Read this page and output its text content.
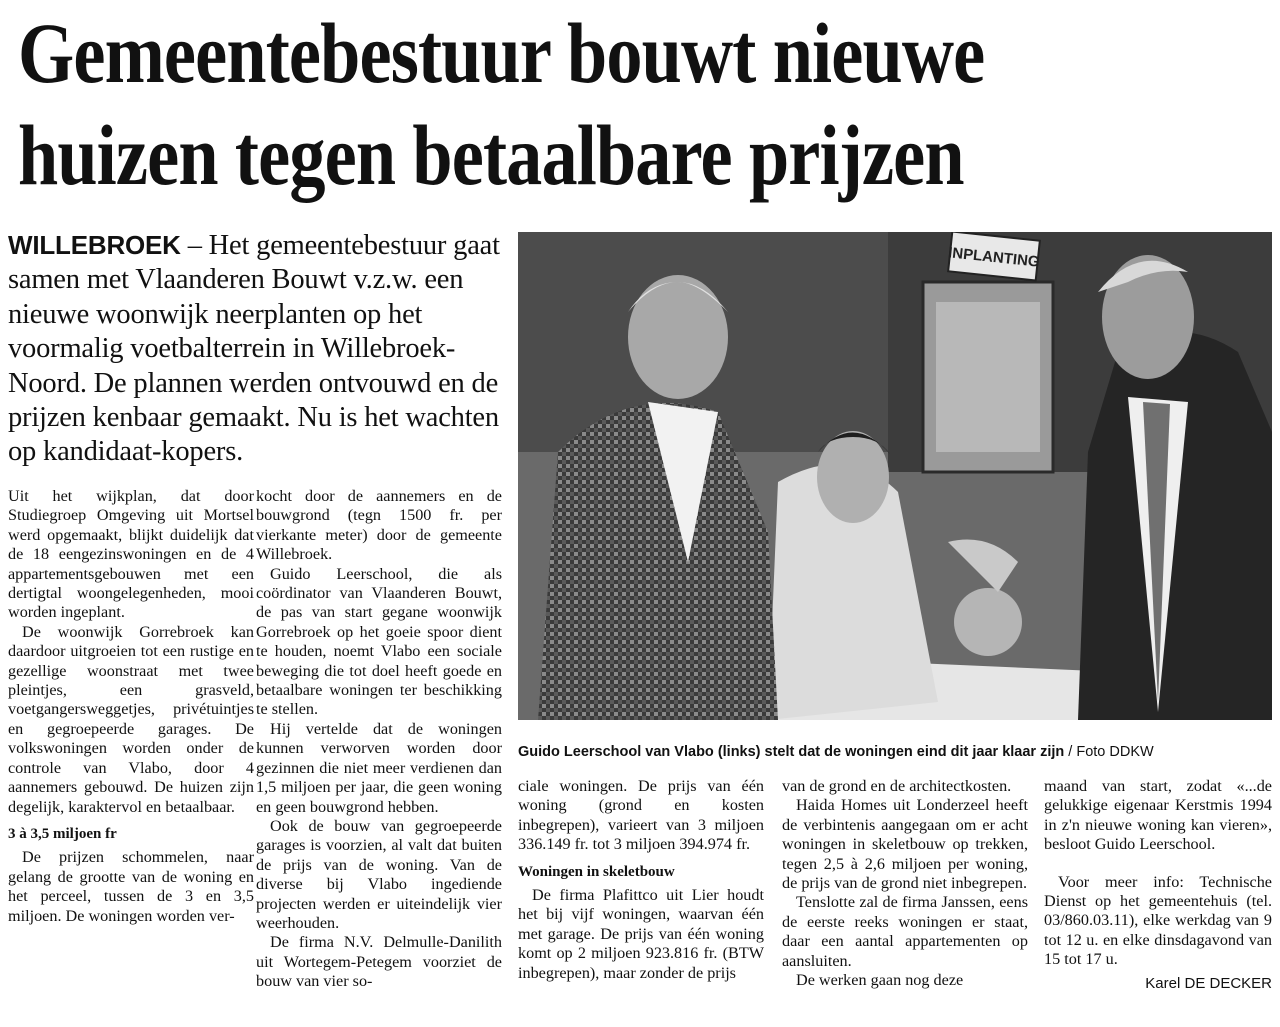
Gemeentebestuur bouwt nieuwe
huizen tegen betaalbare prijzen

WILLEBROEK – Het gemeentebestuur gaat samen met Vlaanderen Bouwt v.z.w. een nieuwe woonwijk neerplanten op het voormalig voetbalterrein in Willebroek-Noord. De plannen werden ontvouwd en de prijzen kenbaar gemaakt. Nu is het wachten op kandidaat-kopers.

Uit het wijkplan, dat door Studiegroep Omgeving uit Mortsel werd opgemaakt, blijkt duidelijk dat de 18 eengezinswoningen en de 4 appartementsgebouwen met een dertigtal woongelegenheden, mooi worden ingeplant.

De woonwijk Gorrebroek kan daardoor uitgroeien tot een rustige en gezellige woonstraat met twee pleintjes, een grasveld, voetgangersweggetjes, privétuintjes en gegroepeerde garages. De volkswoningen worden onder de controle van Vlabo, door 4 aannemers gebouwd. De huizen zijn degelijk, karaktervol en betaalbaar.

3 à 3,5 miljoen fr

De prijzen schommelen, naar gelang de grootte van de woning en het perceel, tussen de 3 en 3,5 miljoen. De woningen worden ver-

kocht door de aannemers en de bouwgrond (tegn 1500 fr. per vierkante meter) door de gemeente Willebroek.

Guido Leerschool, die als coördinator van Vlaanderen Bouwt, de pas van start gegane woonwijk Gorrebroek op het goeie spoor dient te houden, noemt Vlabo een sociale beweging die tot doel heeft goede en betaalbare woningen ter beschikking te stellen.

Hij vertelde dat de woningen kunnen verworven worden door gezinnen die niet meer verdienen dan 1,5 miljoen per jaar, die geen woning en geen bouwgrond hebben.

Ook de bouw van gegroepeerde garages is voorzien, al valt dat buiten de prijs van de woning. Van de diverse bij Vlabo ingediende projecten werden er uiteindelijk vier weerhouden.

De firma N.V. Delmulle-Danilith uit Wortegem-Petegem voorziet de bouw van vier so-

INPLANTING

Guido Leerschool van Vlabo (links) stelt dat de woningen eind dit jaar klaar zijn / Foto DDKW

ciale woningen. De prijs van één woning (grond en kosten inbegrepen), varieert van 3 miljoen 336.149 fr. tot 3 miljoen 394.974 fr.

Woningen in skeletbouw

De firma Plafittco uit Lier houdt het bij vijf woningen, waarvan één met garage. De prijs van één woning komt op 2 miljoen 923.816 fr. (BTW inbegrepen), maar zonder de prijs

van de grond en de architectkosten.

Haida Homes uit Londerzeel heeft de verbintenis aangegaan om er acht woningen in skeletbouw op trekken, tegen 2,5 à 2,6 miljoen per woning, de prijs van de grond niet inbegrepen.

Tenslotte zal de firma Janssen, eens de eerste reeks woningen er staat, daar een aantal appartementen op aansluiten.

De werken gaan nog deze

maand van start, zodat «...de gelukkige eigenaar Kerstmis 1994 in z'n nieuwe woning kan vieren», besloot Guido Leerschool.

Voor meer info: Technische Dienst op het gemeentehuis (tel. 03/860.03.11), elke werkdag van 9 tot 12 u. en elke dinsdagavond van 15 tot 17 u.

Karel DE DECKER
